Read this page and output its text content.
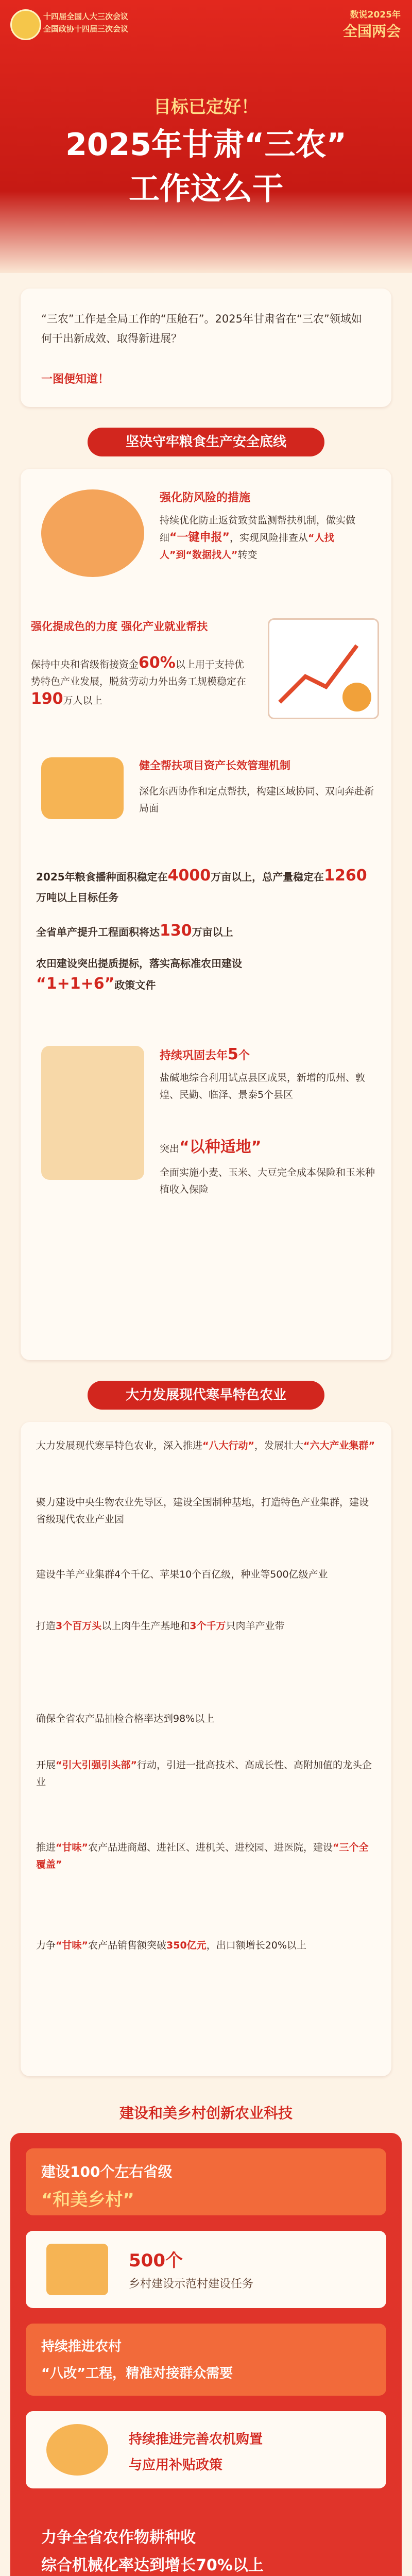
十四届全国人大三次会议
全国政协十四届三次会议
数说2025年
全国两会
目标已定好！
2025年甘肃“三农”
工作这么干
“三农”工作是全局工作的“压舱石”。2025年甘肃省在“三农”领域如何干出新成效、取得新进展？
一图便知道！
坚决守牢粮食生产安全底线
强化防风险的措施
持续优化防止返贫致贫监测帮扶机制，做实做细“一键申报”，实现风险排查从“人找人”到“数据找人”转变
强化提成色的力度 强化产业就业帮扶
保持中央和省级衔接资金60%以上用于支持优势特色产业发展，脱贫劳动力外出务工规模稳定在190万人以上
健全帮扶项目资产长效管理机制
深化东西协作和定点帮扶，构建区域协同、双向奔赴新局面
2025年粮食播种面积稳定在4000万亩以上，总产量稳定在1260万吨以上目标任务
全省单产提升工程面积将达130万亩以上
农田建设突出提质提标，落实高标准农田建设
“1+1+6”政策文件
持续巩固去年5个
盐碱地综合利用试点县区成果，新增的瓜州、敦煌、民勤、临泽、景泰5个县区
突出“以种适地”
全面实施小麦、玉米、大豆完全成本保险和玉米种植收入保险
大力发展现代寒旱特色农业
大力发展现代寒旱特色农业，深入推进“八大行动”，发展壮大“六大产业集群”
聚力建设中央生物农业先导区，建设全国制种基地，打造特色产业集群，建设省级现代农业产业园
建设牛羊产业集群4个千亿、苹果10个百亿级，种业等500亿级产业
打造3个百万头以上肉牛生产基地和3个千万只肉羊产业带
确保全省农产品抽检合格率达到98%以上
开展“引大引强引头部”行动，引进一批高技术、高成长性、高附加值的龙头企业
推进“甘味”农产品进商超、进社区、进机关、进校园、进医院，建设“三个全覆盖”
力争“甘味”农产品销售额突破350亿元，出口额增长20%以上
建设和美乡村创新农业科技
建设100个左右省级
“和美乡村”
500个
乡村建设示范村建设任务
持续推进农村
“八改”工程，精准对接群众需要
持续推进完善农机购置
与应用补贴政策
力争全省农作物耕种收
综合机械化率达到增长70%以上
